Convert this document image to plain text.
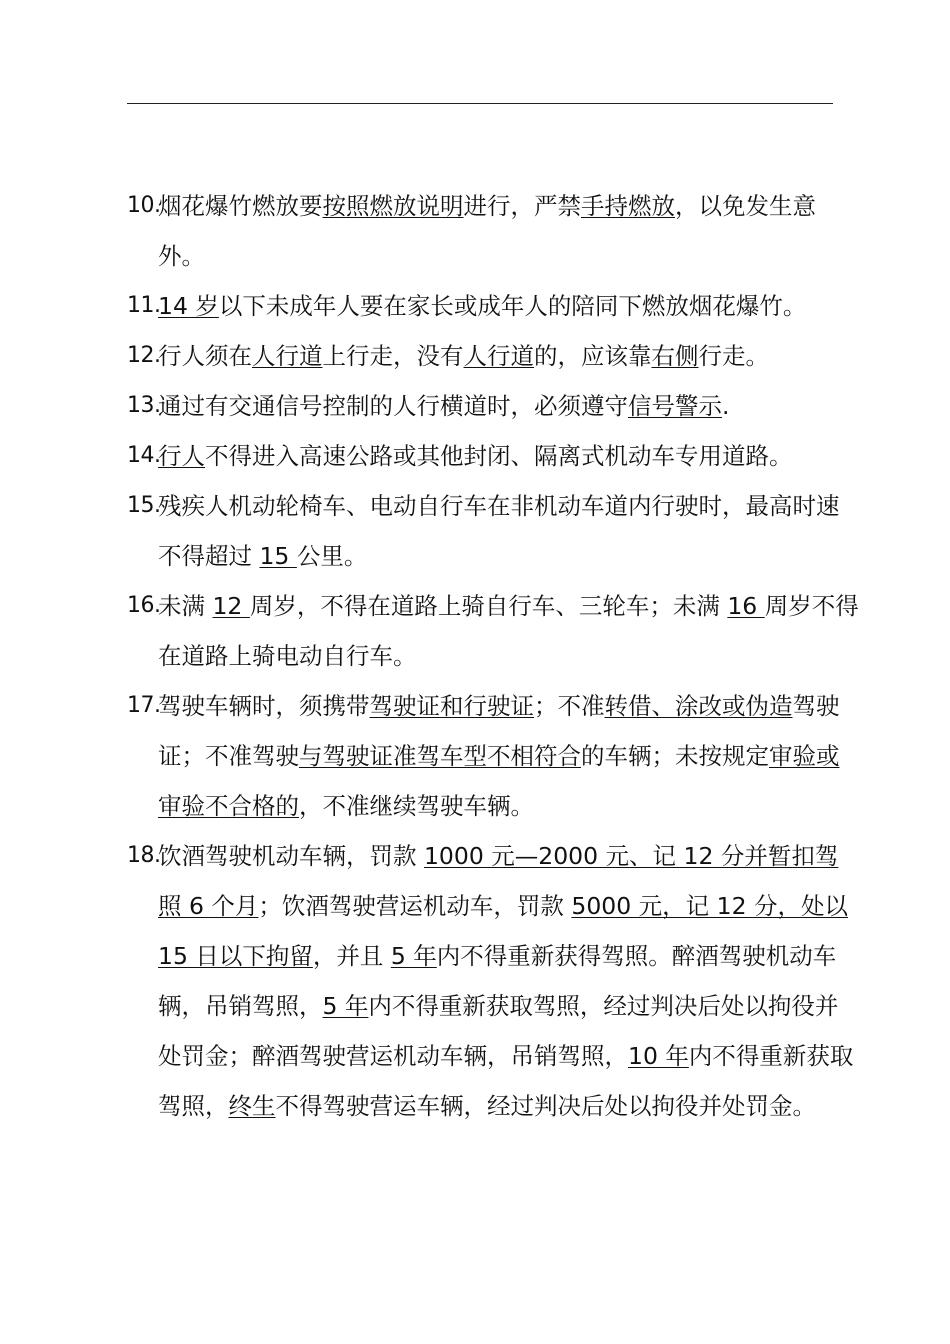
10.
烟花爆竹燃放要按照燃放说明进行，严禁手持燃放，以免发生意外。
11.
14 岁以下未成年人要在家长或成年人的陪同下燃放烟花爆竹。
12.
行人须在人行道上行走，没有人行道的，应该靠右侧行走。
13.
通过有交通信号控制的人行横道时，必须遵守信号警示.
14.
行人不得进入高速公路或其他封闭、隔离式机动车专用道路。
15.
残疾人机动轮椅车、电动自行车在非机动车道内行驶时，最高时速不得超过 15 公里。
16.
未满 12 周岁，不得在道路上骑自行车、三轮车；未满 16 周岁不得在道路上骑电动自行车。
17.
驾驶车辆时，须携带驾驶证和行驶证；不准转借、涂改或伪造驾驶证；不准驾驶与驾驶证准驾车型不相符合的车辆；未按规定审验或审验不合格的，不准继续驾驶车辆。
18.
饮酒驾驶机动车辆，罚款 1000 元—2000 元、记 12 分并暂扣驾照 6 个月；饮酒驾驶营运机动车，罚款 5000 元，记 12 分，处以 15 日以下拘留，并且 5 年内不得重新获得驾照。醉酒驾驶机动车辆，吊销驾照，5 年内不得重新获取驾照，经过判决后处以拘役并处罚金；醉酒驾驶营运机动车辆，吊销驾照，10 年内不得重新获取驾照，终生不得驾驶营运车辆，经过判决后处以拘役并处罚金。
